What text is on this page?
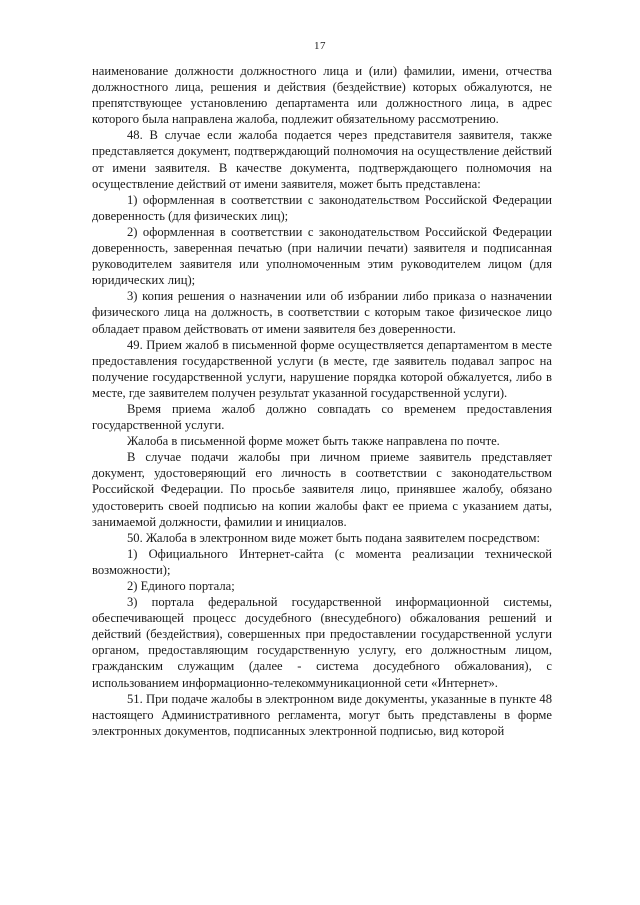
17

наименование должности должностного лица и (или) фамилии, имени, отчества должностного лица, решения и действия (бездействие) которых обжалуются, не препятствующее установлению департамента или должностного лица, в адрес которого была направлена жалоба, подлежит обязательному рассмотрению.

48. В случае если жалоба подается через представителя заявителя, также представляется документ, подтверждающий полномочия на осуществление действий от имени заявителя. В качестве документа, подтверждающего полномочия на осуществление действий от имени заявителя, может быть представлена:

1) оформленная в соответствии с законодательством Российской Федерации доверенность (для физических лиц);

2) оформленная в соответствии с законодательством Российской Федерации доверенность, заверенная печатью (при наличии печати) заявителя и подписанная руководителем заявителя или уполномоченным этим руководителем лицом (для юридических лиц);

3) копия решения о назначении или об избрании либо приказа о назначении физического лица на должность, в соответствии с которым такое физическое лицо обладает правом действовать от имени заявителя без доверенности.

49. Прием жалоб в письменной форме осуществляется департаментом в месте предоставления государственной услуги (в месте, где заявитель подавал запрос на получение государственной услуги, нарушение порядка которой обжалуется, либо в месте, где заявителем получен результат указанной государственной услуги).

Время приема жалоб должно совпадать со временем предоставления государственной услуги.

Жалоба в письменной форме может быть также направлена по почте.

В случае подачи жалобы при личном приеме заявитель представляет документ, удостоверяющий его личность в соответствии с законодательством Российской Федерации. По просьбе заявителя лицо, принявшее жалобу, обязано удостоверить своей подписью на копии жалобы факт ее приема с указанием даты, занимаемой должности, фамилии и инициалов.

50. Жалоба в электронном виде может быть подана заявителем посредством:

1) Официального Интернет-сайта (с момента реализации технической возможности);

2) Единого портала;

3) портала федеральной государственной информационной системы, обеспечивающей процесс досудебного (внесудебного) обжалования решений и действий (бездействия), совершенных при предоставлении государственной услуги органом, предоставляющим государственную услугу, его должностным лицом, гражданским служащим (далее - система досудебного обжалования), с использованием информационно-телекоммуникационной сети «Интернет».

51. При подаче жалобы в электронном виде документы, указанные в пункте 48 настоящего Административного регламента, могут быть представлены в форме электронных документов, подписанных электронной подписью, вид которой
